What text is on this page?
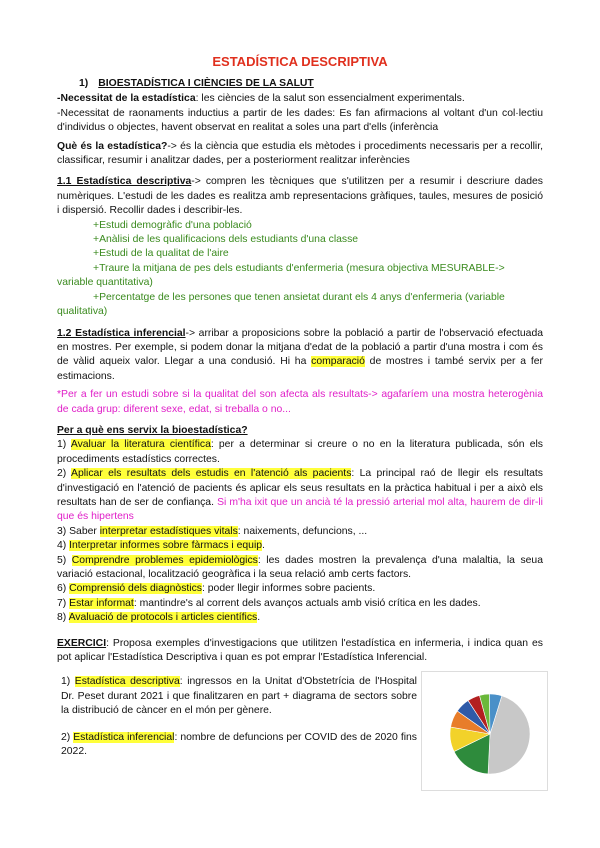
ESTADÍSTICA DESCRIPTIVA
1) BIOESTADÍSTICA I CIÈNCIES DE LA SALUT

-Necessitat de la estadística: les ciències de la salut son essencialment experimentals.

-Necessitat de raonaments inductius a partir de les dades: Es fan afirmacions al voltant d'un col·lectiu d'individus o objectes, havent observat en realitat a soles una part d'ells (inferència

Què és la estadística?-> és la ciència que estudia els mètodes i procediments necessaris per a recollir, classificar, resumir i analitzar dades, per a posteriorment realitzar inferències

1.1 Estadística descriptiva-> compren les tècniques que s'utilitzen per a resumir i descriure dades numèriques. L'estudi de les dades es realitza amb representacions gràfiques, taules, mesures de posició i dispersió. Recollir dades i describir-les.

+Estudi demogràfic d'una població

+Anàlisi de les qualificacions dels estudiants d'una classe

+Estudi de la qualitat de l'aire

+Traure la mitjana de pes dels estudiants d'enfermeria (mesura objectiva MESURABLE->

variable quantitativa)

+Percentatge de les persones que tenen ansietat durant els 4 anys d'enfermeria (variable

qualitativa)

1.2 Estadística inferencial-> arribar a proposicions sobre la població a partir de l'observació efectuada en mostres. Per exemple, si podem donar la mitjana d'edat de la població a partir d'una mostra i com és de vàlid aqueix valor. Llegar a una condusió. Hi ha comparació de mostres i també servix per a fer estimacions.

*Per a fer un estudi sobre si la qualitat del son afecta als resultats-> agafaríem una mostra heterogènia de cada grup: diferent sexe, edat, si treballa o no...

Per a què ens servix la bioestadística?

1) Avaluar la literatura científica: per a determinar si creure o no en la literatura publicada, són els procediments estadístics correctes.

2) Aplicar els resultats dels estudis en l'atenció als pacients: La principal raó de llegir els resultats d'investigació en l'atenció de pacients és aplicar els seus resultats en la pràctica habitual i per a això els resultats han de ser de confiança. Si m'ha ixit que un ancià té la pressió arterial mol alta, haurem de dir-li que és hipertens

3) Saber interpretar estadístiques vitals: naixements, defuncions, ...

4) Interpretar informes sobre fàrmacs i equip.

5) Comprendre problemes epidemiològics: les dades mostren la prevalença d'una malaltia, la seua variació estacional, localització geogràfica i la seua relació amb certs factors.

6) Comprensió dels diagnòstics: poder llegir informes sobre pacients.

7) Estar informat: mantindre's al corrent dels avanços actuals amb visió crítica en les dades.

8) Avaluació de protocols i articles científics.

EXERCICI: Proposa exemples d'investigacions que utilitzen l'estadística en infermeria, i indica quan es pot aplicar l'Estadística Descriptiva i quan es pot emprar l'Estadística Inferencial.

1) Estadística descriptiva: ingressos en la Unitat d'Obstetrícia de l'Hospital Dr. Peset durant 2021 i que finalitzaren en part + diagrama de sectors sobre la distribució de càncer en el món per gènere.

2) Estadística inferencial: nombre de defuncions per COVID des de 2020 fins 2022.
